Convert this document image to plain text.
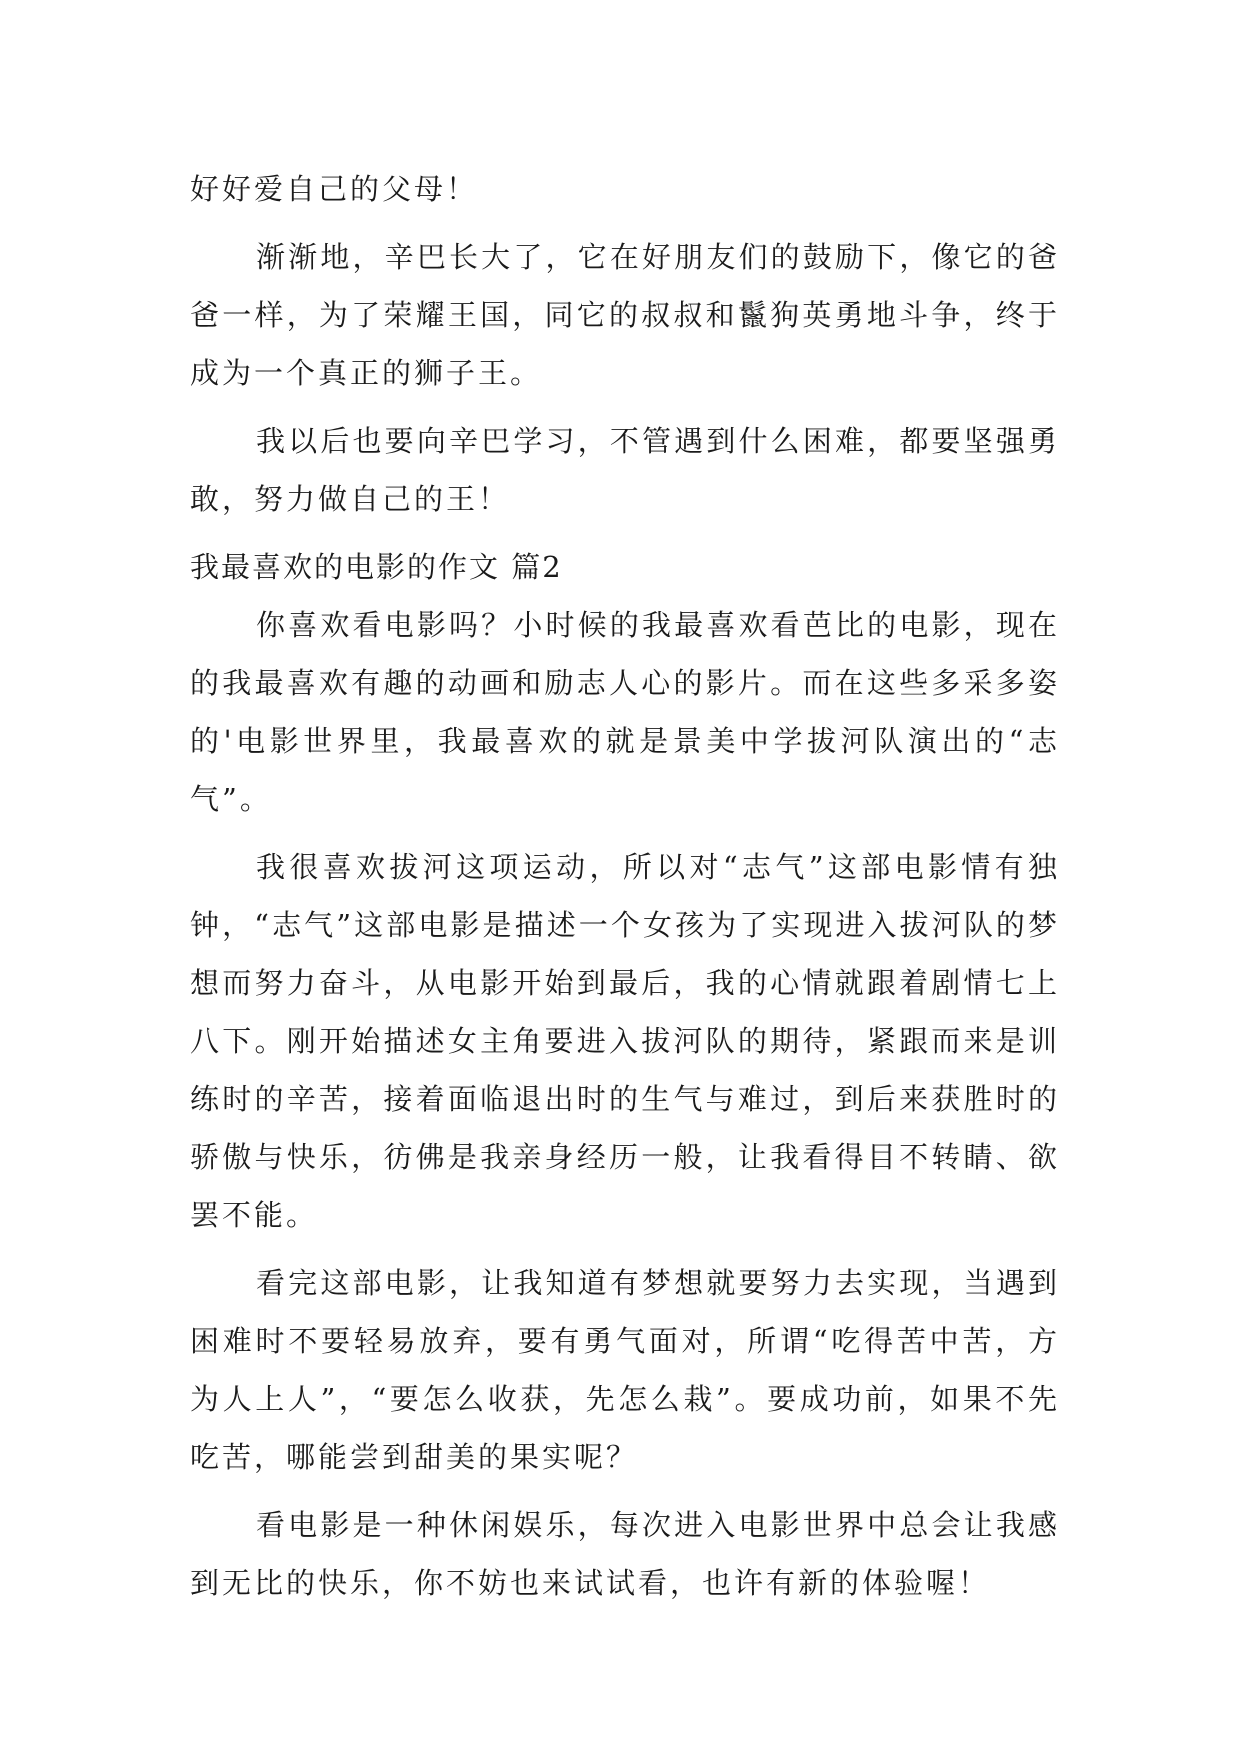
好好爱自己的父母！

渐渐地，辛巴长大了，它在好朋友们的鼓励下，像它的爸爸一样，为了荣耀王国，同它的叔叔和鬣狗英勇地斗争，终于成为一个真正的狮子王。

我以后也要向辛巴学习，不管遇到什么困难，都要坚强勇敢，努力做自己的王！

我最喜欢的电影的作文 篇2

你喜欢看电影吗？小时候的我最喜欢看芭比的电影，现在的我最喜欢有趣的动画和励志人心的影片。而在这些多采多姿的'电影世界里，我最喜欢的就是景美中学拔河队演出的“志气”。

我很喜欢拔河这项运动，所以对“志气”这部电影情有独钟，“志气”这部电影是描述一个女孩为了实现进入拔河队的梦想而努力奋斗，从电影开始到最后，我的心情就跟着剧情七上八下。刚开始描述女主角要进入拔河队的期待，紧跟而来是训练时的辛苦，接着面临退出时的生气与难过，到后来获胜时的骄傲与快乐，彷佛是我亲身经历一般，让我看得目不转睛、欲罢不能。

看完这部电影，让我知道有梦想就要努力去实现，当遇到困难时不要轻易放弃，要有勇气面对，所谓“吃得苦中苦，方为人上人”，“要怎么收获，先怎么栽”。要成功前，如果不先吃苦，哪能尝到甜美的果实呢？

看电影是一种休闲娱乐，每次进入电影世界中总会让我感到无比的快乐，你不妨也来试试看，也许有新的体验喔！
